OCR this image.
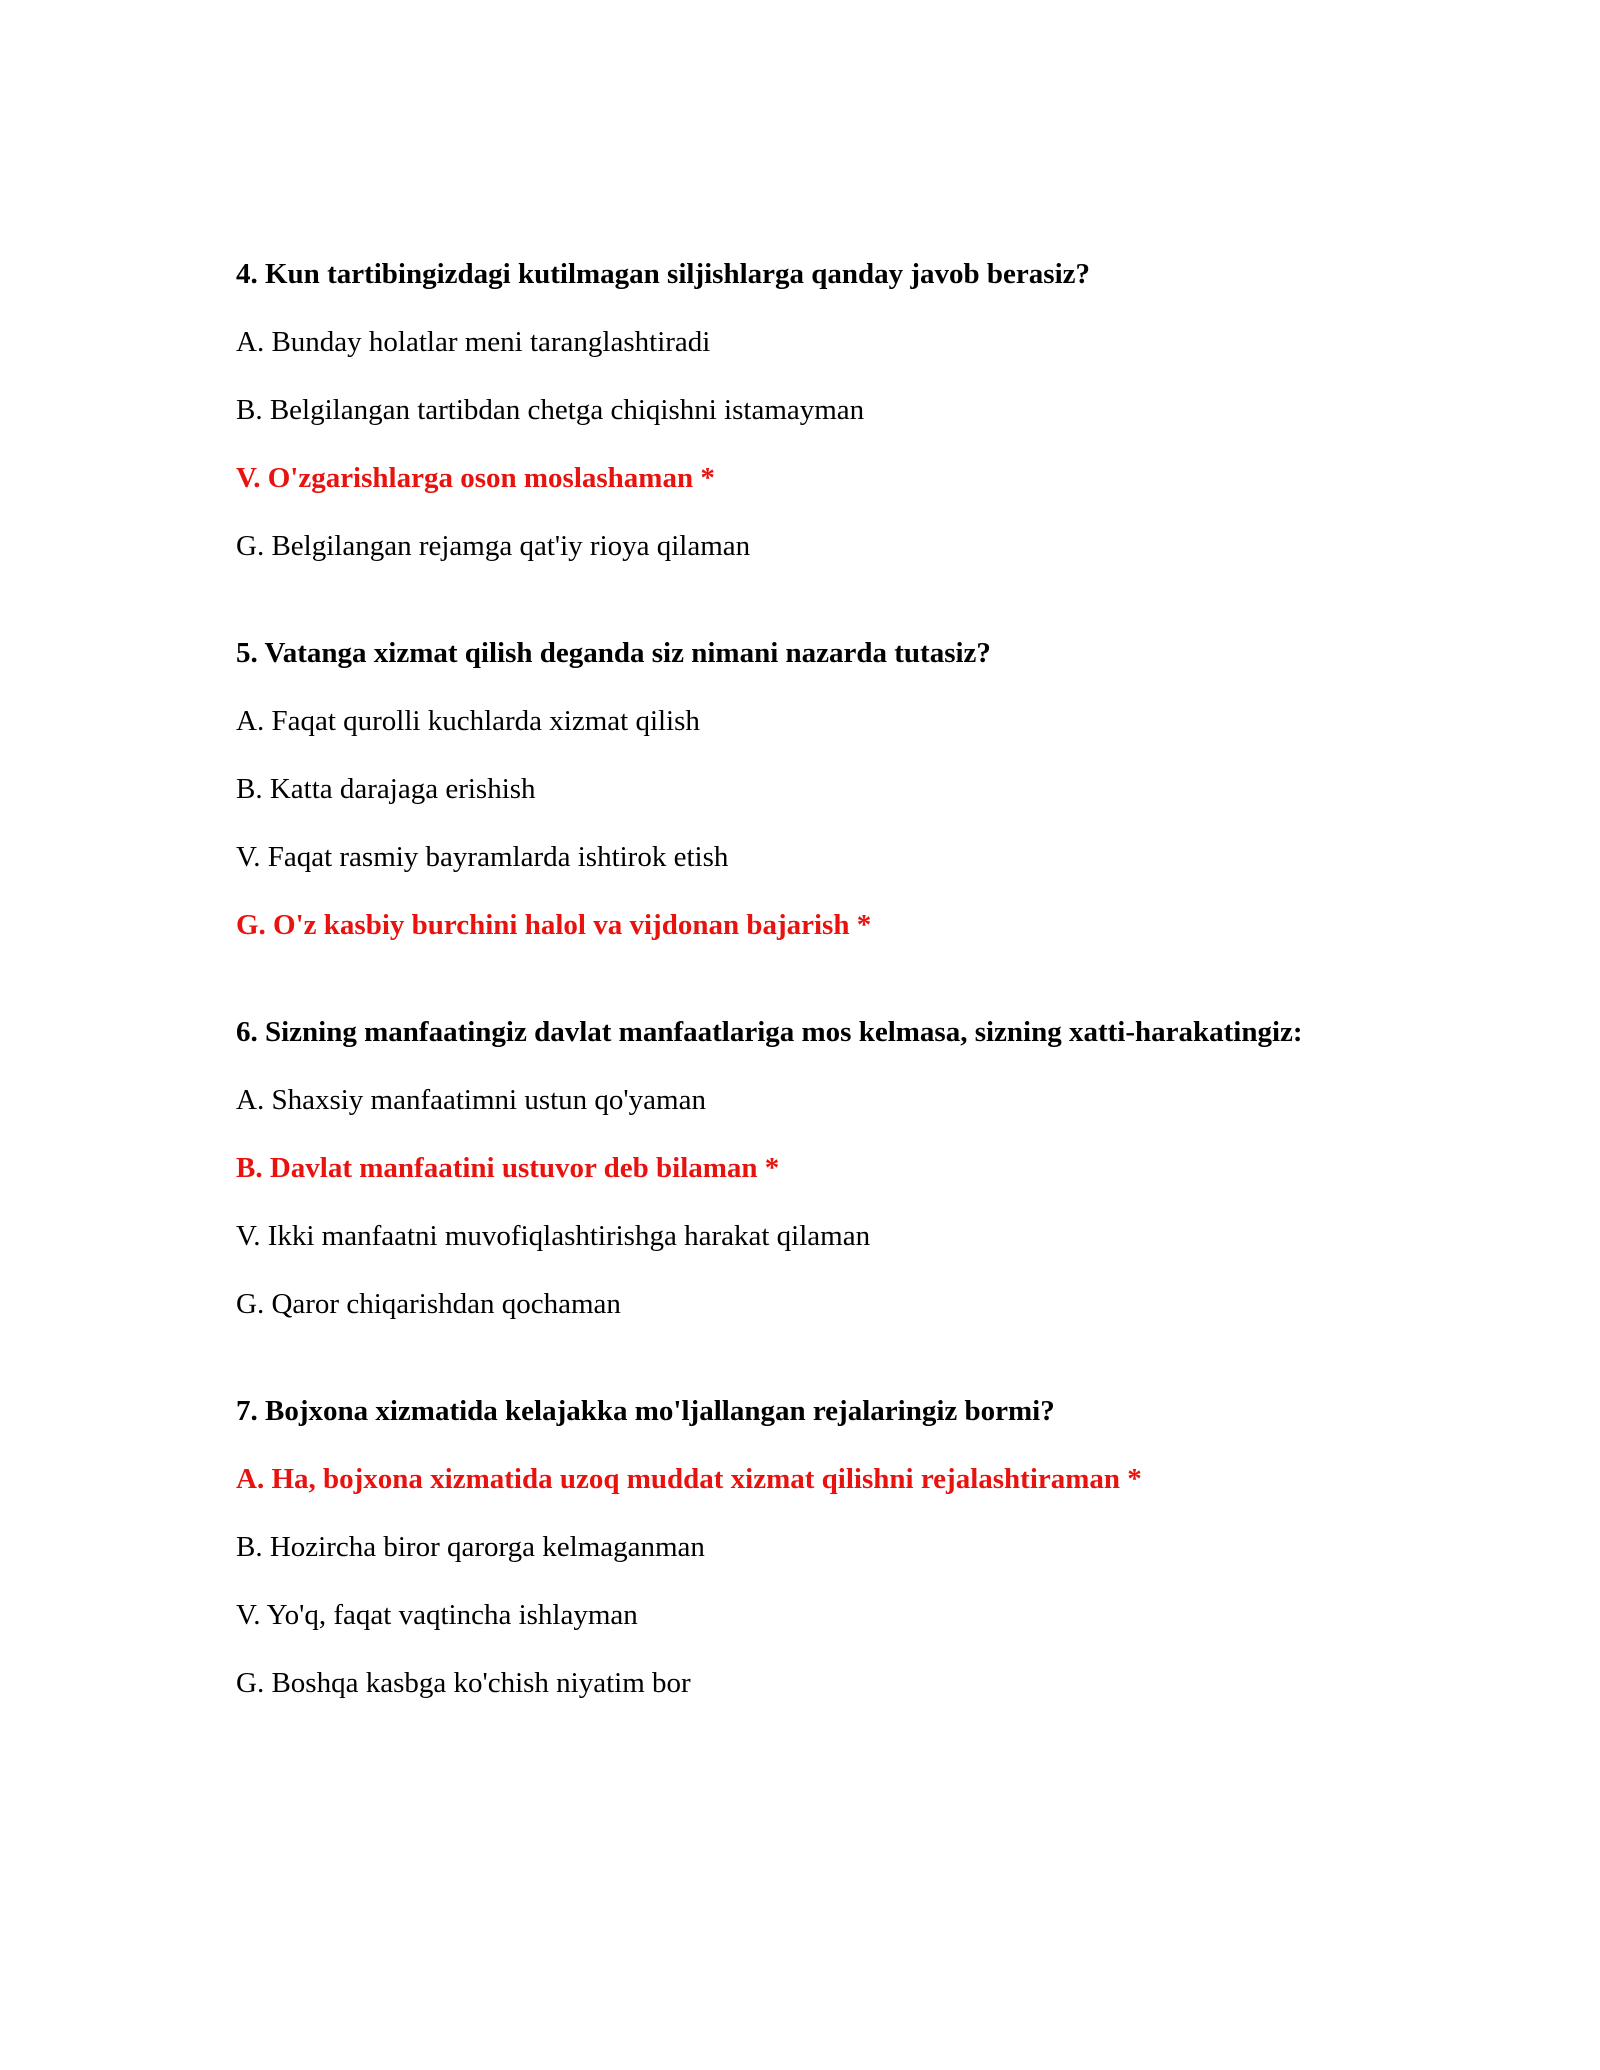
4. Kun tartibingizdagi kutilmagan siljishlarga qanday javob berasiz?
A. Bunday holatlar meni taranglashtiradi
B. Belgilangan tartibdan chetga chiqishni istamayman
V. O'zgarishlarga oson moslashaman *
G. Belgilangan rejamga qat'iy rioya qilaman
5. Vatanga xizmat qilish deganda siz nimani nazarda tutasiz?
A. Faqat qurolli kuchlarda xizmat qilish
B. Katta darajaga erishish
V. Faqat rasmiy bayramlarda ishtirok etish
G. O'z kasbiy burchini halol va vijdonan bajarish *
6. Sizning manfaatingiz davlat manfaatlariga mos kelmasa, sizning xatti-harakatingiz:
A. Shaxsiy manfaatimni ustun qo'yaman
B. Davlat manfaatini ustuvor deb bilaman *
V. Ikki manfaatni muvofiqlashtirishga harakat qilaman
G. Qaror chiqarishdan qochaman
7. Bojxona xizmatida kelajakka mo'ljallangan rejalaringiz bormi?
A. Ha, bojxona xizmatida uzoq muddat xizmat qilishni rejalashtiraman *
B. Hozircha biror qarorga kelmaganman
V. Yo'q, faqat vaqtincha ishlayman
G. Boshqa kasbga ko'chish niyatim bor
